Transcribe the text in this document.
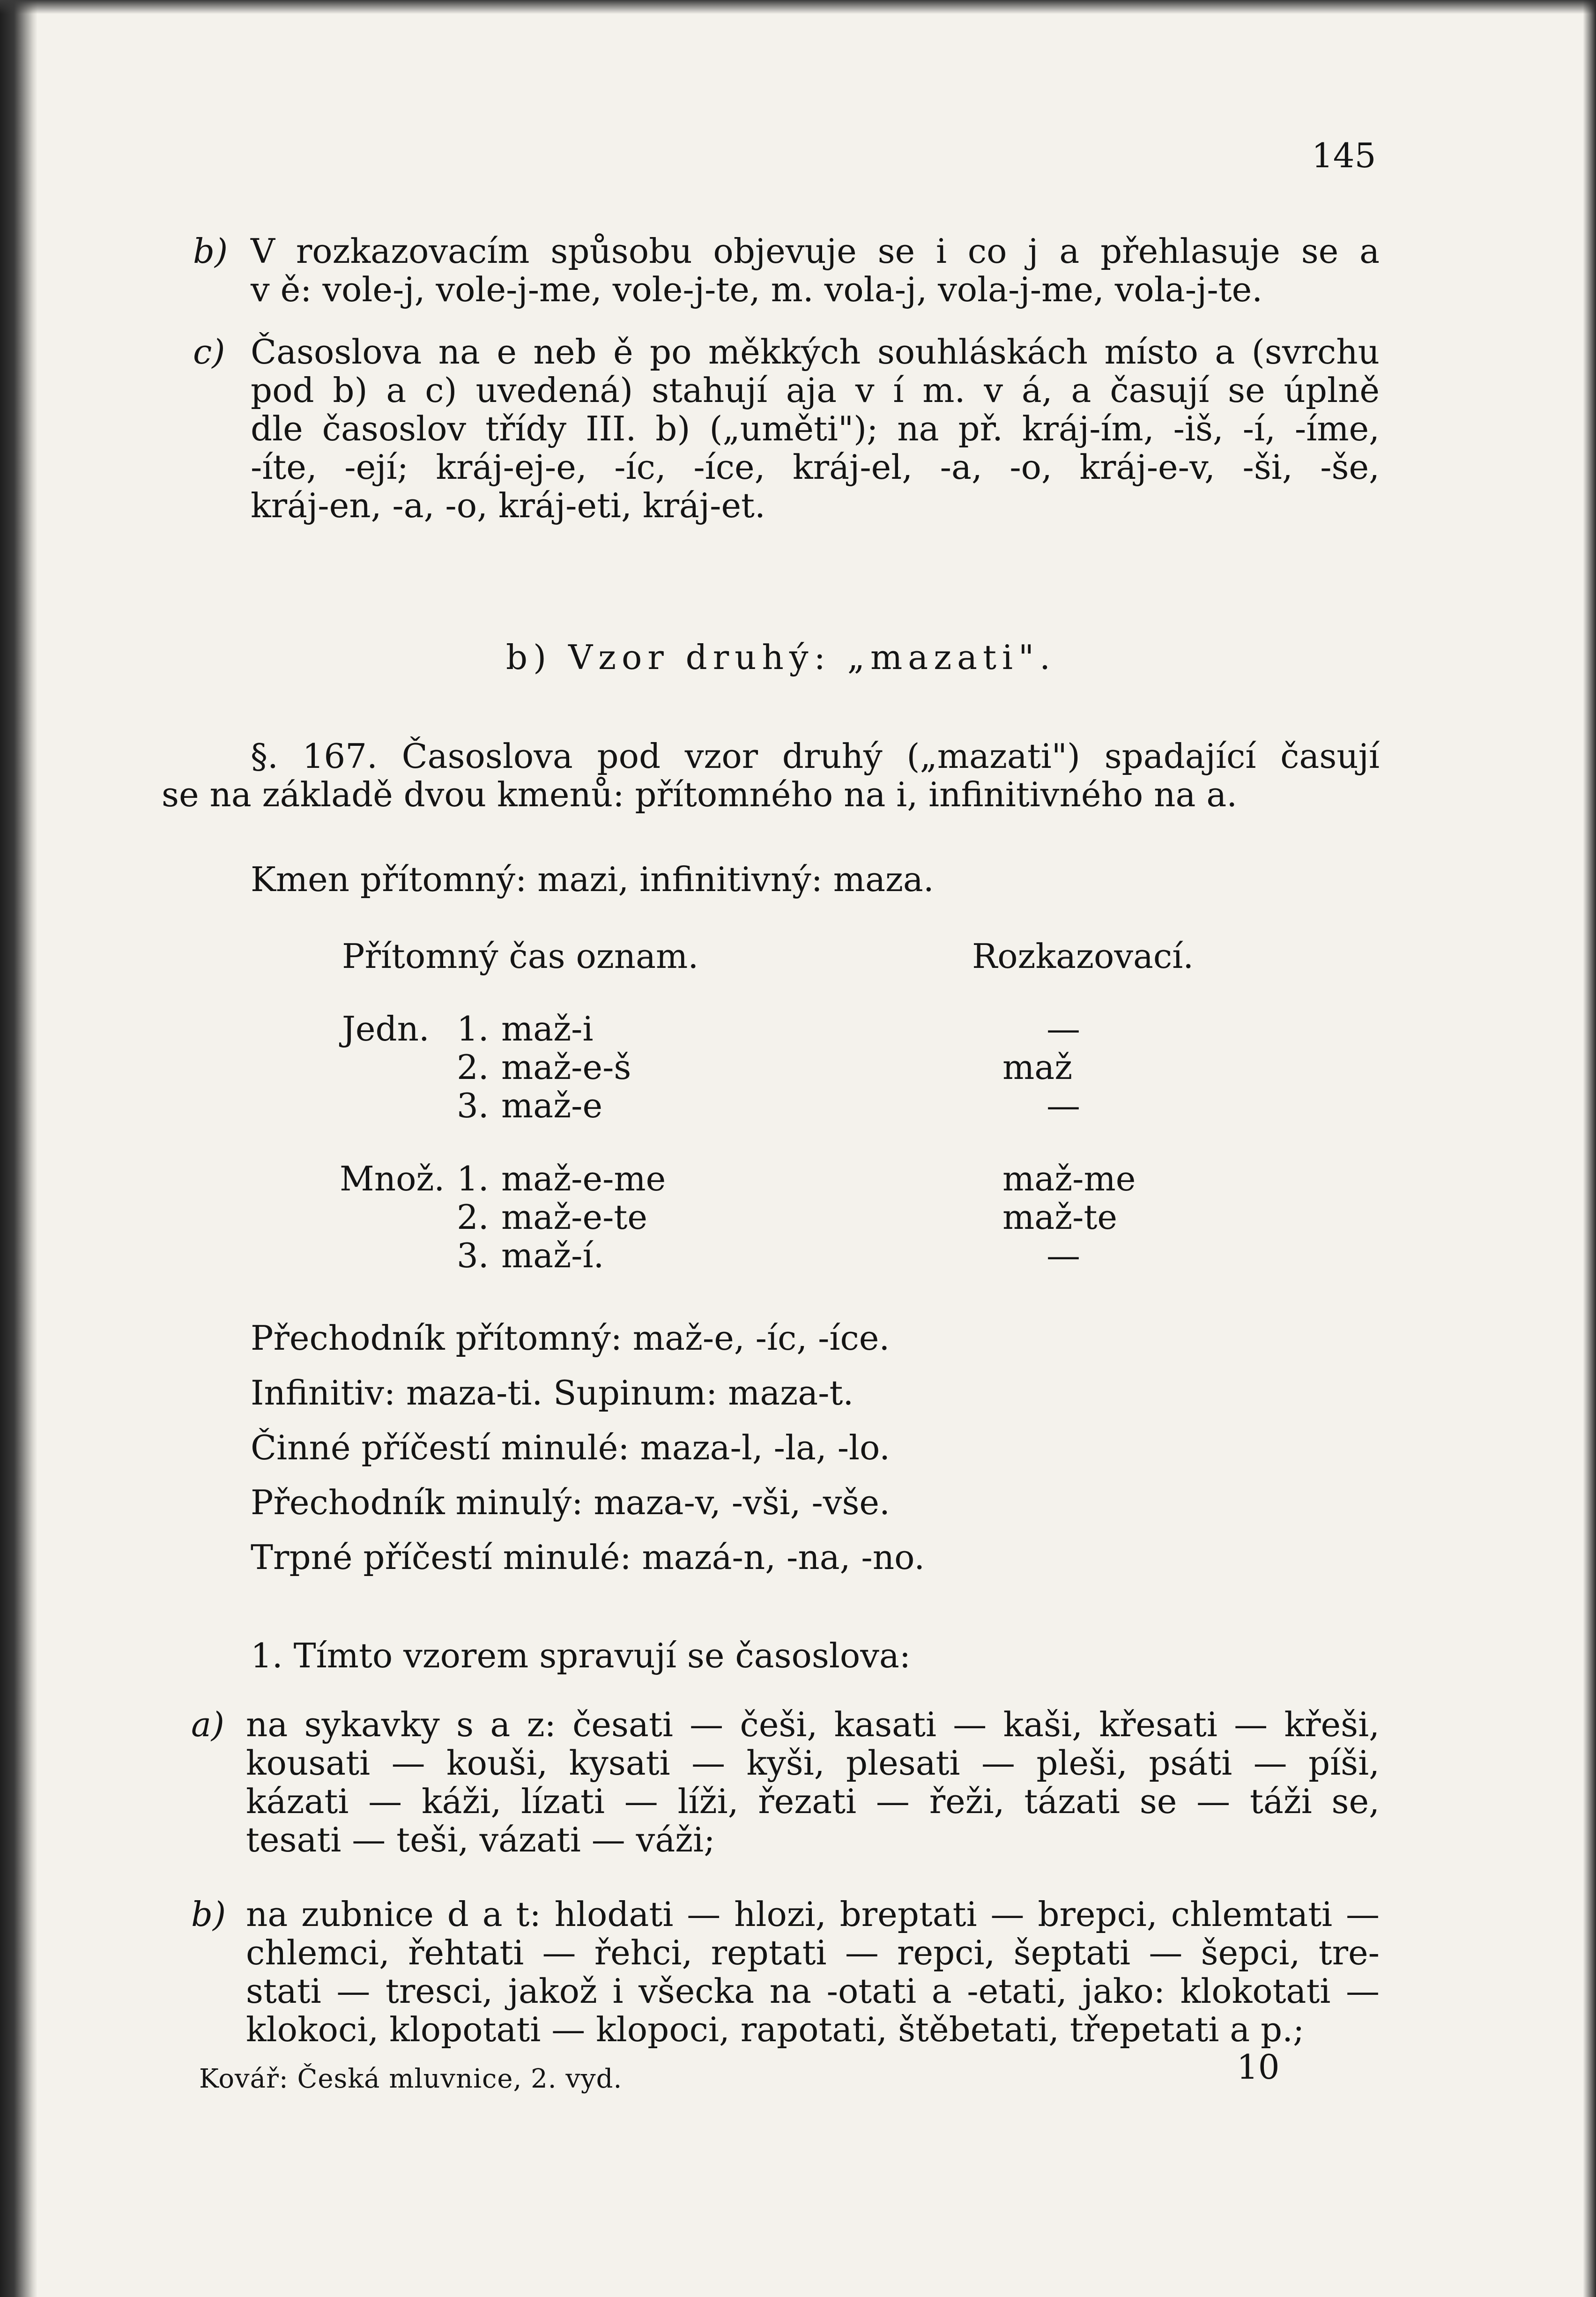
145
b) V rozkazovacím spůsobu objevuje se i co j a přehlasuje se a
v ě: vole-j, vole-j-me, vole-j-te, m. vola-j, vola-j-me, vola-j-te.
c) Časoslova na e neb ě po měkkých souhláskách místo a (svrchu
pod b) a c) uvedená) stahují aja v í m. v á, a časují se úplně
dle časoslov třídy III. b) („uměti"); na př. kráj-ím, -iš, -í, -íme,
-íte, -ejí; kráj-ej-e, -íc, -íce, kráj-el, -a, -o, kráj-e-v, -ši, -še,
kráj-en, -a, -o, kráj-eti, kráj-et.
b) Vzor druhý: „mazati".
§. 167. Časoslova pod vzor druhý („mazati") spadající časují
se na základě dvou kmenů: přítomného na i, infinitivného na a.
Kmen přítomný: mazi, infinitivný: maza.
Přítomný čas oznam.	Rozkazovací.
Jedn. 1. maž-i	—
2. maž-e-š	maž
3. maž-e	—
Množ. 1. maž-e-me	maž-me
2. maž-e-te	maž-te
3. maž-í.	—
Přechodník přítomný: maž-e, -íc, -íce.
Infinitiv: maza-ti. Supinum: maza-t.
Činné příčestí minulé: maza-l, -la, -lo.
Přechodník minulý: maza-v, -vši, -vše.
Trpné příčestí minulé: mazá-n, -na, -no.
1. Tímto vzorem spravují se časoslova:
a) na sykavky s a z: česati — češi, kasati — kaši, křesati — křeši,
kousati — kouši, kysati — kyši, plesati — pleši, psáti — píši,
kázati — káži, lízati — líži, řezati — řeži, tázati se — táži se,
tesati — teši, vázati — váži;
b) na zubnice d a t: hlodati — hlozi, breptati — brepci, chlemtati —
chlemci, řehtati — řehci, reptati — repci, šeptati — šepci, tre-
stati — tresci, jakož i všecka na -otati a -etati, jako: klokotati —
klokoci, klopotati — klopoci, rapotati, štěbetati, třepetati a p.;
Kovář: Česká mluvnice, 2. vyd.	10
